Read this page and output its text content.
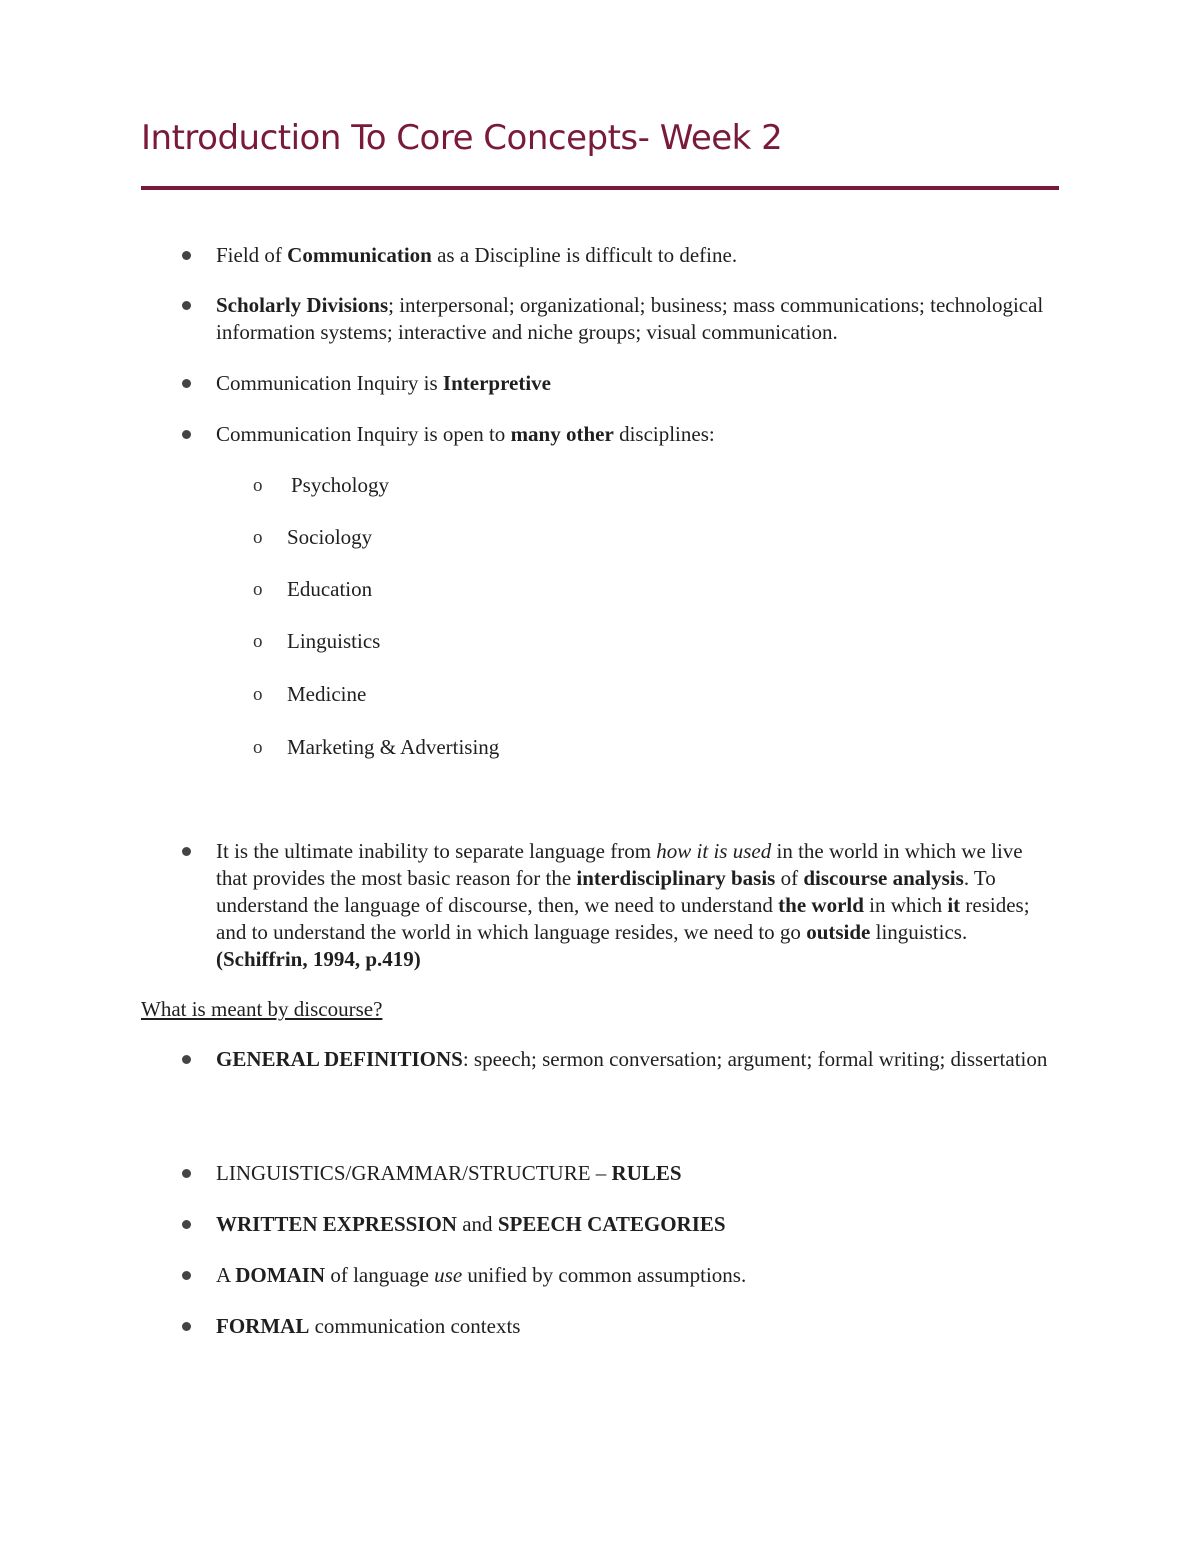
Introduction To Core Concepts- Week 2
Field of Communication as a Discipline is difficult to define.
Scholarly Divisions; interpersonal; organizational; business; mass communications; technological information systems; interactive and niche groups; visual communication.
Communication Inquiry is Interpretive
Communication Inquiry is open to many other disciplines:
o Psychology
o Sociology
o Education
o Linguistics
o Medicine
o Marketing & Advertising
It is the ultimate inability to separate language from how it is used in the world in which we live that provides the most basic reason for the interdisciplinary basis of discourse analysis. To understand the language of discourse, then, we need to understand the world in which it resides; and to understand the world in which language resides, we need to go outside linguistics. (Schiffrin, 1994, p.419)
What is meant by discourse?
GENERAL DEFINITIONS: speech; sermon conversation; argument; formal writing; dissertation
LINGUISTICS/GRAMMAR/STRUCTURE – RULES
WRITTEN EXPRESSION and SPEECH CATEGORIES
A DOMAIN of language use unified by common assumptions.
FORMAL communication contexts
